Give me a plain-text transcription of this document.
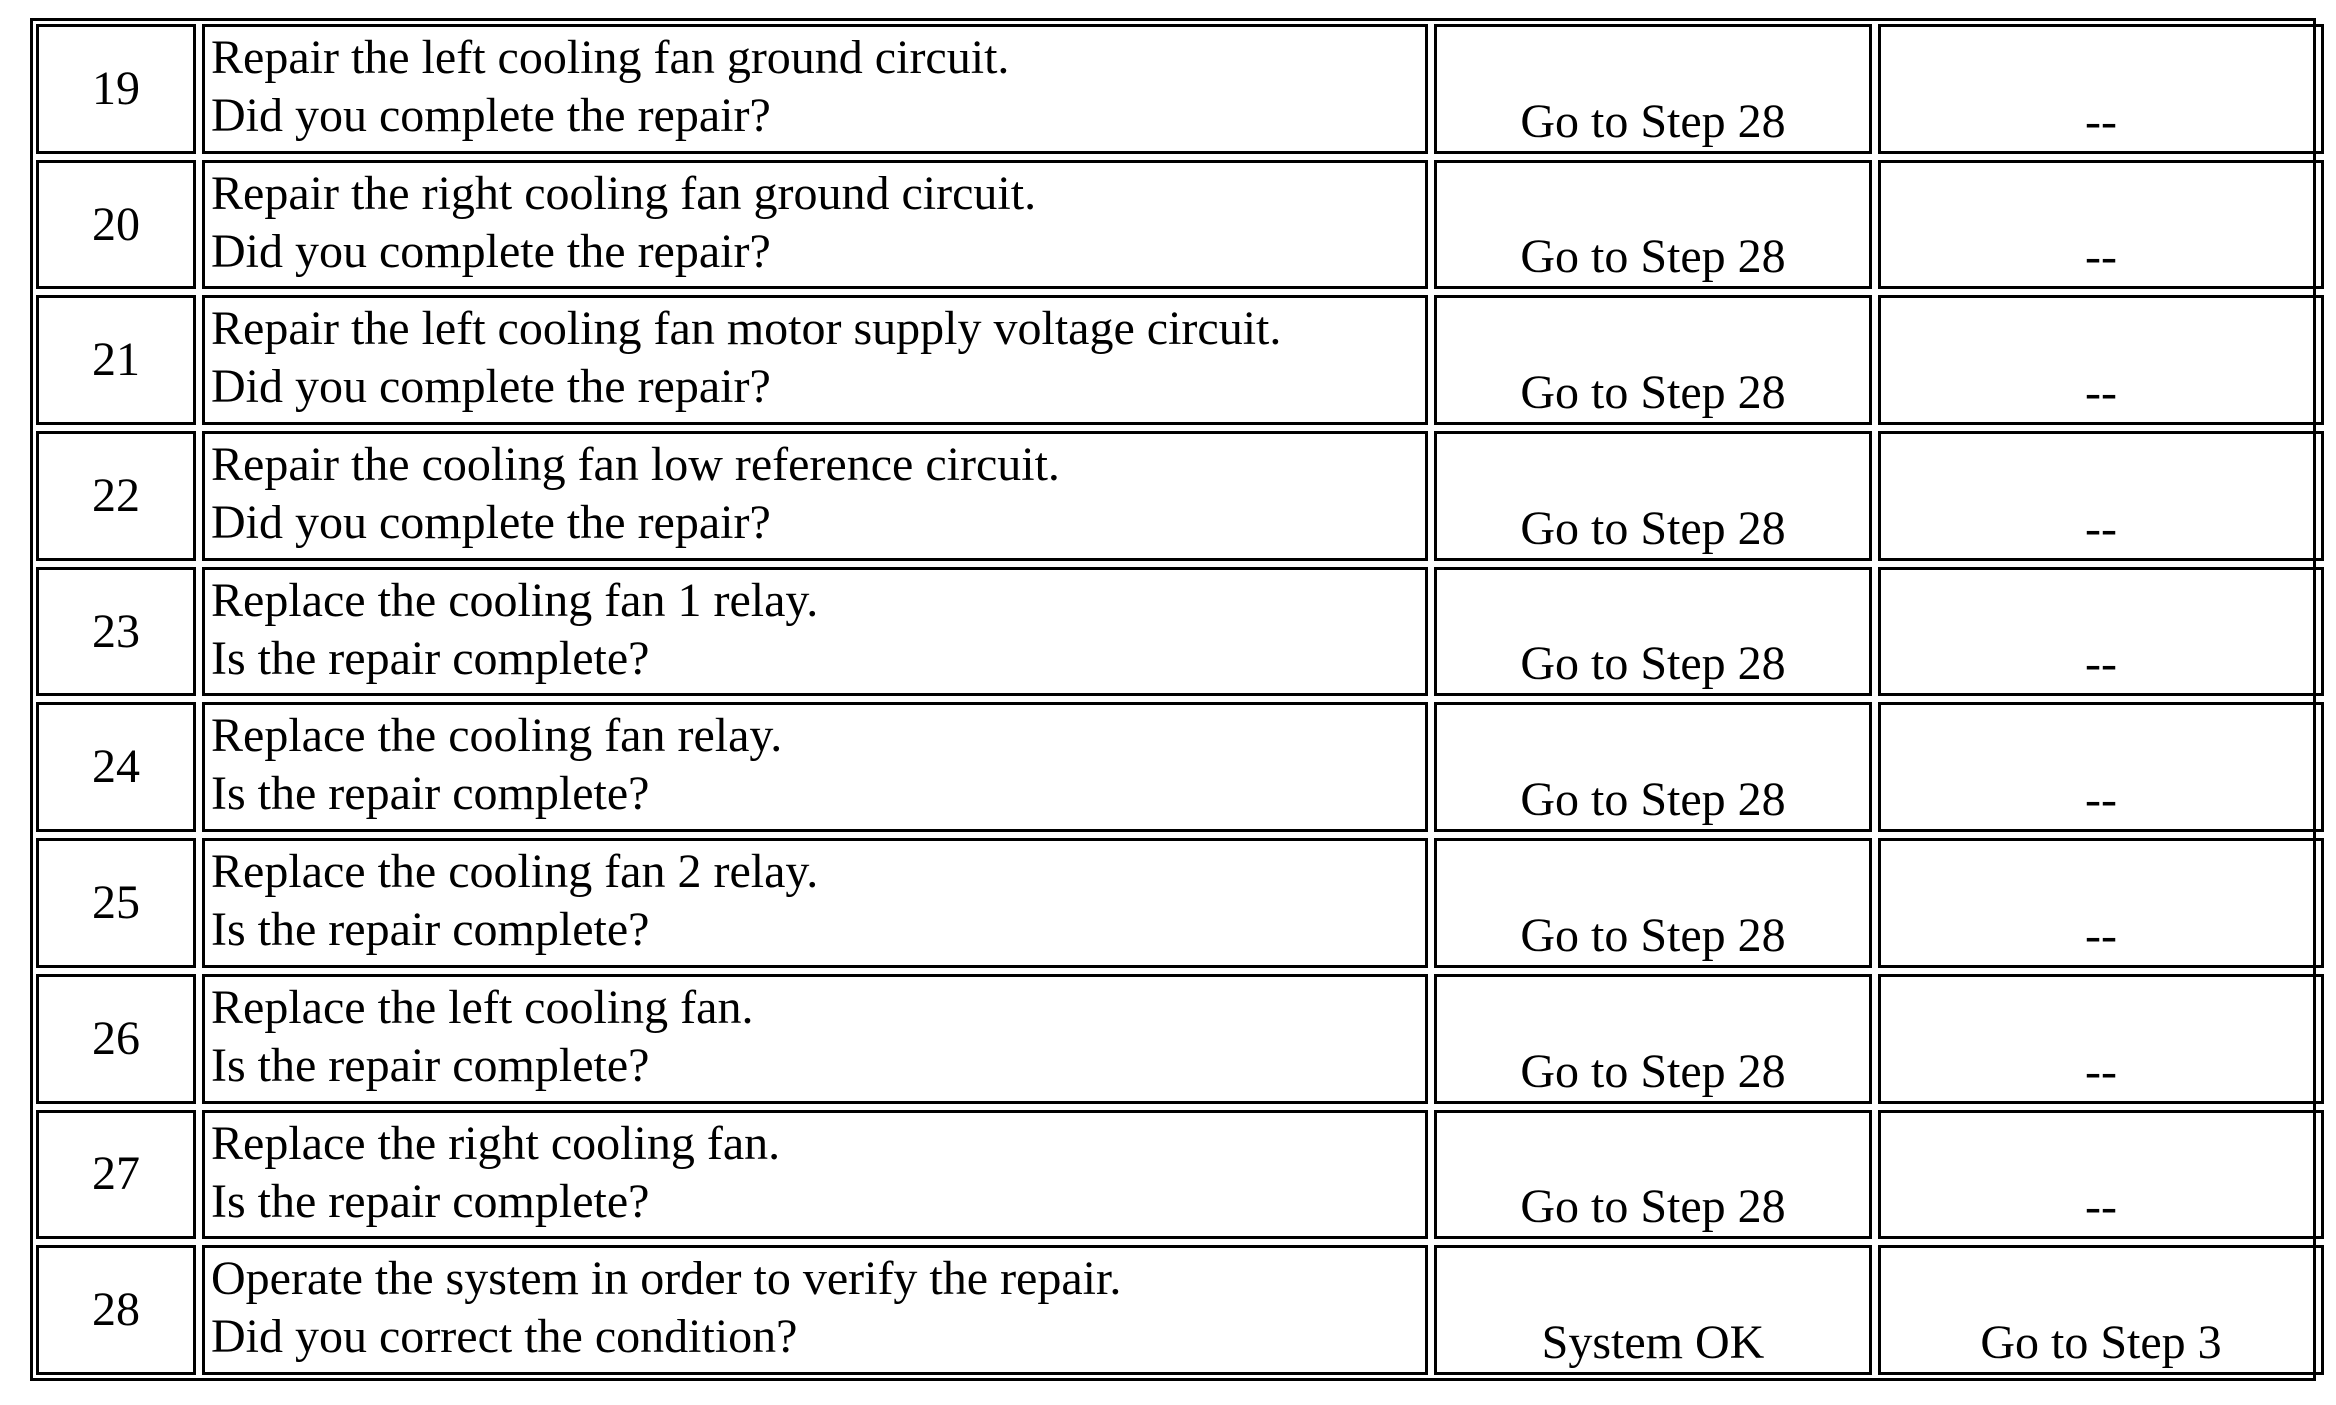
19	Repair the left cooling fan ground circuit.
Did you complete the repair?	Go to Step 28	--
20	Repair the right cooling fan ground circuit.
Did you complete the repair?	Go to Step 28	--
21	Repair the left cooling fan motor supply voltage circuit.
Did you complete the repair?	Go to Step 28	--
22	Repair the cooling fan low reference circuit.
Did you complete the repair?	Go to Step 28	--
23	Replace the cooling fan 1 relay.
Is the repair complete?	Go to Step 28	--
24	Replace the cooling fan relay.
Is the repair complete?	Go to Step 28	--
25	Replace the cooling fan 2 relay.
Is the repair complete?	Go to Step 28	--
26	Replace the left cooling fan.
Is the repair complete?	Go to Step 28	--
27	Replace the right cooling fan.
Is the repair complete?	Go to Step 28	--
28	Operate the system in order to verify the repair.
Did you correct the condition?	System OK	Go to Step 3
